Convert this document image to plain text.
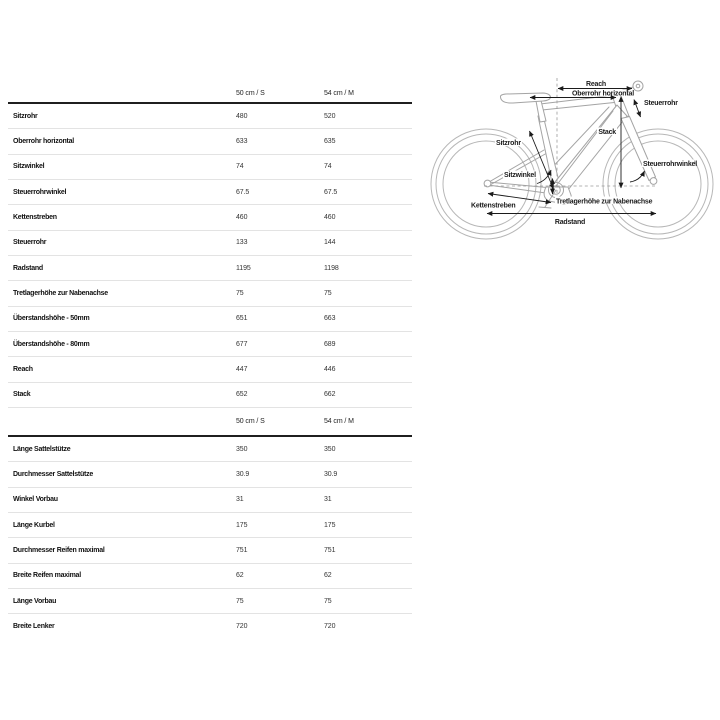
50 cm / S	54 cm / M
Sitzrohr	480	520
Oberrohr horizontal	633	635
Sitzwinkel	74	74
Steuerrohrwinkel	67.5	67.5
Kettenstreben	460	460
Steuerrohr	133	144
Radstand	1195	1198
Tretlagerhöhe zur Nabenachse	75	75
Überstandshöhe - 50mm	651	663
Überstandshöhe - 80mm	677	689
Reach	447	446
Stack	652	662
50 cm / S	54 cm / M
Länge Sattelstütze	350	350
Durchmesser Sattelstütze	30.9	30.9
Winkel Vorbau	31	31
Länge Kurbel	175	175
Durchmesser Reifen maximal	751	751
Breite Reifen maximal	62	62
Länge Vorbau	75	75
Breite Lenker	720	720
Reach
Oberrohr horizontal
Steuerrohr
Stack
Sitzrohr
Sitzwinkel
Steuerrohrwinkel
Tretlagerhöhe zur Nabenachse
Kettenstreben
Radstand
